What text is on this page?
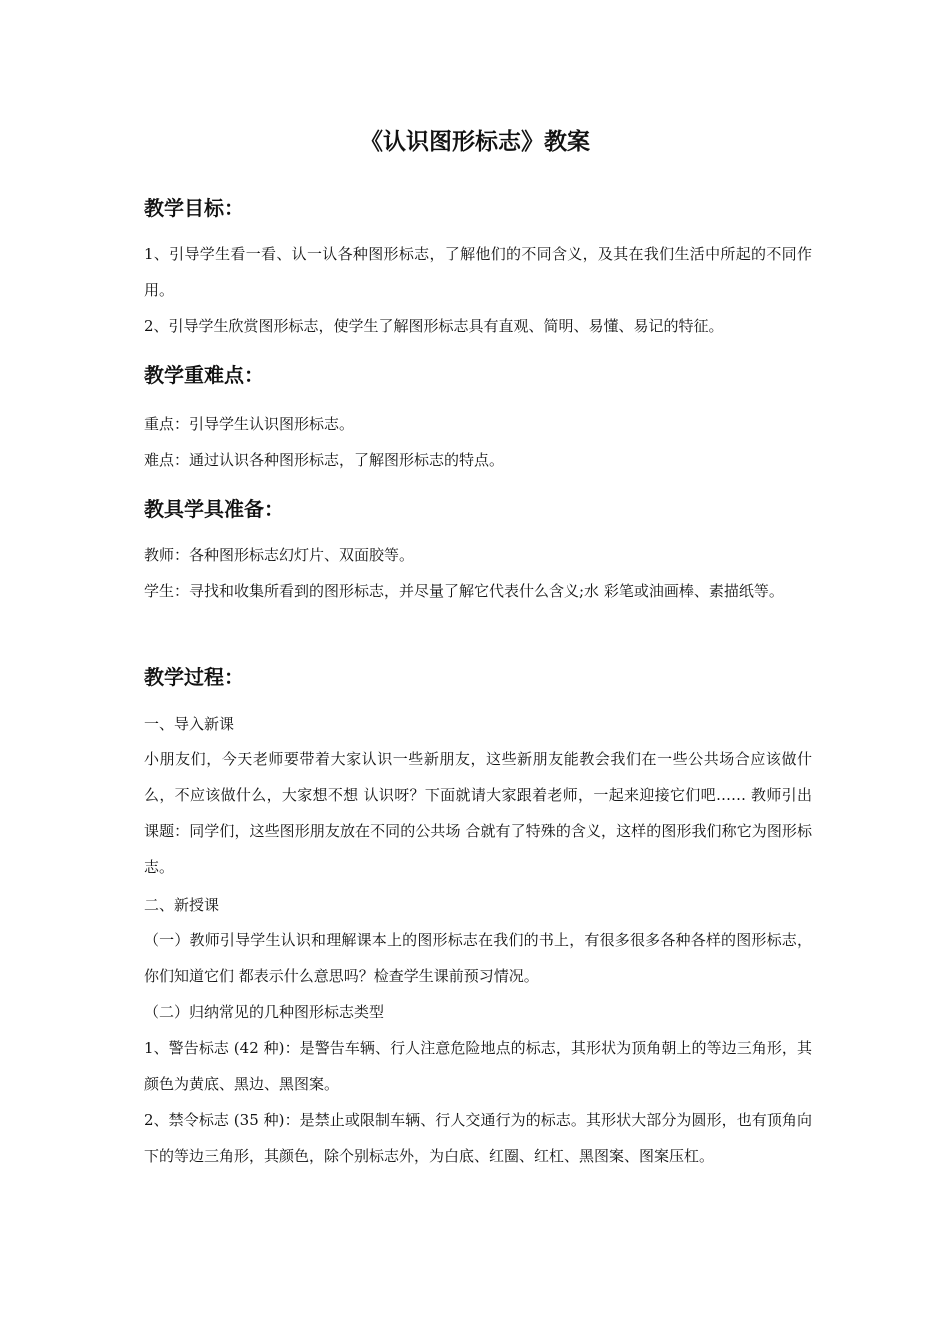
《认识图形标志》教案
教学目标：
1、引导学生看一看、认一认各种图形标志，了解他们的不同含义，及其在我们生活中所起的不同作用。
2、引导学生欣赏图形标志，使学生了解图形标志具有直观、简明、易懂、易记的特征。
教学重难点：
重点：引导学生认识图形标志。
难点：通过认识各种图形标志，了解图形标志的特点。
教具学具准备：
教师：各种图形标志幻灯片、双面胶等。
学生：寻找和收集所看到的图形标志，并尽量了解它代表什么含义;水 彩笔或油画棒、素描纸等。
教学过程：
一、导入新课
小朋友们，今天老师要带着大家认识一些新朋友，这些新朋友能教会我们在一些公共场合应该做什么，不应该做什么，大家想不想 认识呀？下面就请大家跟着老师，一起来迎接它们吧…… 教师引出课题：同学们，这些图形朋友放在不同的公共场 合就有了特殊的含义，这样的图形我们称它为图形标志。
二、新授课
（一）教师引导学生认识和理解课本上的图形标志在我们的书上，有很多很多各种各样的图形标志，你们知道它们 都表示什么意思吗？检查学生课前预习情况。
（二）归纳常见的几种图形标志类型
1、警告标志 (42 种)：是警告车辆、行人注意危险地点的标志，其形状为顶角朝上的等边三角形，其颜色为黄底、黑边、黑图案。
2、禁令标志 (35 种)：是禁止或限制车辆、行人交通行为的标志。其形状大部分为圆形，也有顶角向下的等边三角形，其颜色，除个别标志外，为白底、红圈、红杠、黑图案、图案压杠。
